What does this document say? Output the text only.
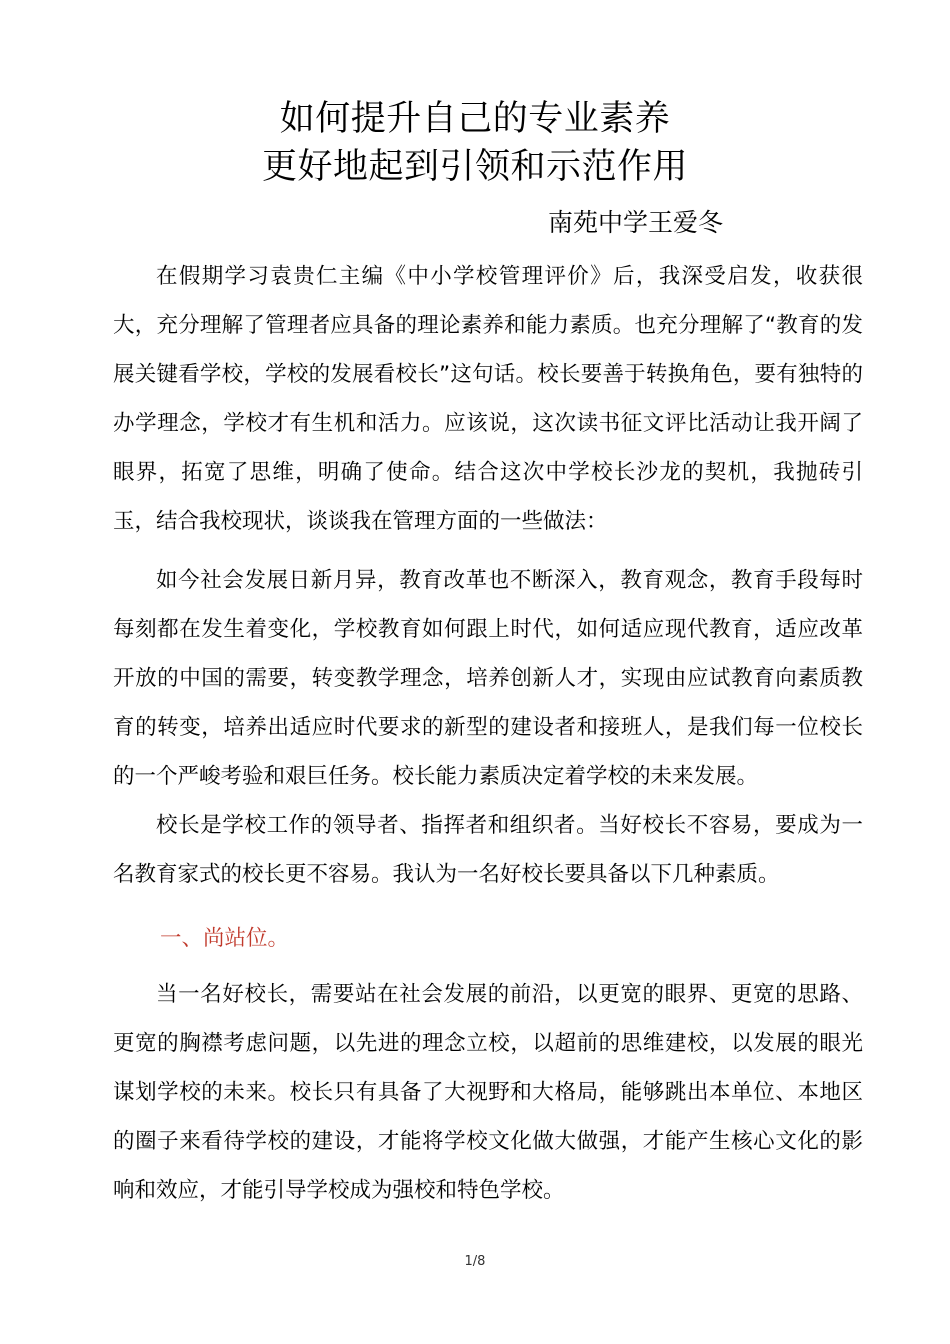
如何提升自己的专业素养
更好地起到引领和示范作用
南苑中学王爱冬

在假期学习袁贵仁主编《中小学校管理评价》后，我深受启发，收获很大，充分理解了管理者应具备的理论素养和能力素质。也充分理解了“教育的发展关键看学校，学校的发展看校长”这句话。校长要善于转换角色，要有独特的办学理念，学校才有生机和活力。应该说，这次读书征文评比活动让我开阔了眼界，拓宽了思维，明确了使命。结合这次中学校长沙龙的契机，我抛砖引玉，结合我校现状，谈谈我在管理方面的一些做法：

如今社会发展日新月异，教育改革也不断深入，教育观念，教育手段每时每刻都在发生着变化，学校教育如何跟上时代，如何适应现代教育，适应改革开放的中国的需要，转变教学理念，培养创新人才，实现由应试教育向素质教育的转变，培养出适应时代要求的新型的建设者和接班人，是我们每一位校长的一个严峻考验和艰巨任务。校长能力素质决定着学校的未来发展。

校长是学校工作的领导者、指挥者和组织者。当好校长不容易，要成为一名教育家式的校长更不容易。我认为一名好校长要具备以下几种素质。

一、尚站位。

当一名好校长，需要站在社会发展的前沿，以更宽的眼界、更宽的思路、更宽的胸襟考虑问题，以先进的理念立校，以超前的思维建校，以发展的眼光谋划学校的未来。校长只有具备了大视野和大格局，能够跳出本单位、本地区的圈子来看待学校的建设，才能将学校文化做大做强，才能产生核心文化的影响和效应，才能引导学校成为强校和特色学校。

1/8
